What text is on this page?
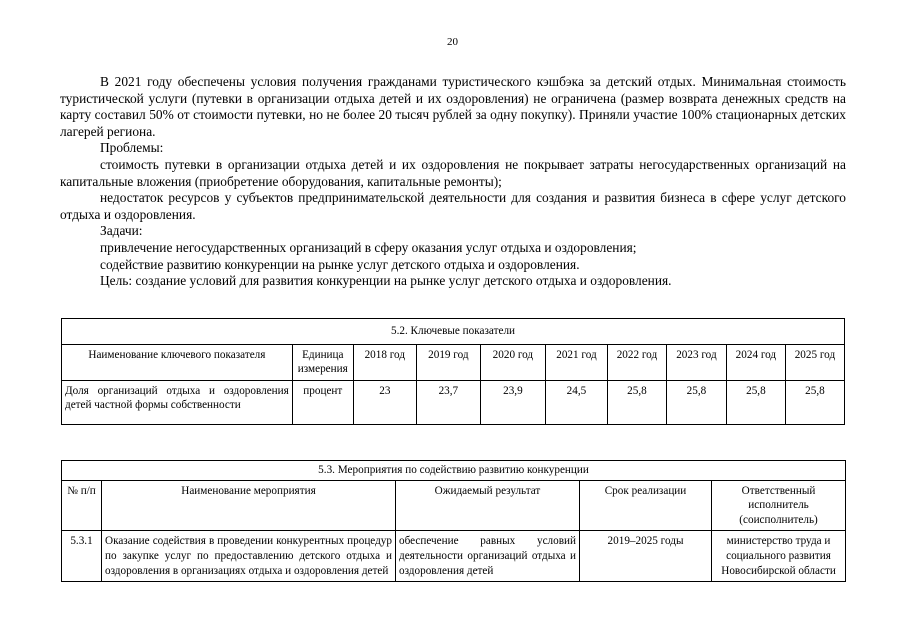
20

В 2021 году обеспечены условия получения гражданами туристического кэшбэка за детский отдых. Минимальная стоимость туристической услуги (путевки в организации отдыха детей и их оздоровления) не ограничена (размер возврата денежных средств на карту составил 50% от стоимости путевки, но не более 20 тысяч рублей за одну покупку). Приняли участие 100% стационарных детских лагерей региона.

Проблемы:

стоимость путевки в организации отдыха детей и их оздоровления не покрывает затраты негосударственных организаций на капитальные вложения (приобретение оборудования, капитальные ремонты);

недостаток ресурсов у субъектов предпринимательской деятельности для создания и развития бизнеса в сфере услуг детского отдыха и оздоровления.

Задачи:

привлечение негосударственных организаций в сферу оказания услуг отдыха и оздоровления;

содействие развитию конкуренции на рынке услуг детского отдыха и оздоровления.

Цель: создание условий для развития конкуренции на рынке услуг детского отдыха и оздоровления.

5.2. Ключевые показатели									
Наименование ключевого показателя	Единица измерения	2018 год	2019 год	2020 год	2021 год	2022 год	2023 год	2024 год	2025 год
Доля организаций отдыха и оздоровления детей частной формы собственности	процент	23	23,7	23,9	24,5	25,8	25,8	25,8	25,8
5.3. Мероприятия по содействию развитию конкуренции				
№ п/п	Наименование мероприятия	Ожидаемый результат	Срок реализации	Ответственный исполнитель (соисполнитель)
5.3.1	Оказание содействия в проведении конкурентных процедур по закупке услуг по предоставлению детского отдыха и оздоровления в организациях отдыха и оздоровления детей	обеспечение равных условий деятельности организаций отдыха и оздоровления детей	2019–2025 годы	министерство труда и социального развития Новосибирской области
